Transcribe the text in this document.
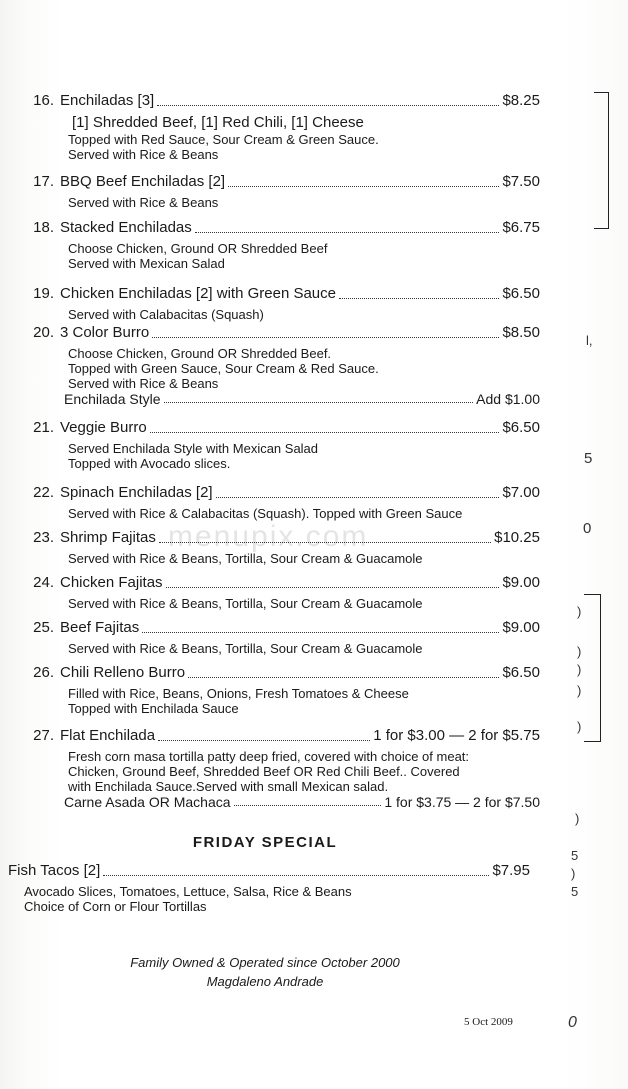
menupix.com
16. Enchiladas [3]	$8.25
[1] Shredded Beef, [1] Red Chili, [1] Cheese
Topped with Red Sauce, Sour Cream & Green Sauce.
Served with Rice & Beans
17. BBQ Beef Enchiladas [2]	$7.50
Served with Rice & Beans
18. Stacked Enchiladas	$6.75
Choose Chicken, Ground OR Shredded Beef
Served with Mexican Salad
19. Chicken Enchiladas [2] with Green Sauce	$6.50
Served with Calabacitas (Squash)
20. 3 Color Burro	$8.50
Choose Chicken, Ground OR Shredded Beef.
Topped with Green Sauce, Sour Cream & Red Sauce.
Served with Rice & Beans
Enchilada Style	Add $1.00
21. Veggie Burro	$6.50
Served Enchilada Style with Mexican Salad
Topped with Avocado slices.
22. Spinach Enchiladas [2]	$7.00
Served with Rice & Calabacitas (Squash). Topped with Green Sauce
23. Shrimp Fajitas	$10.25
Served with Rice & Beans, Tortilla, Sour Cream & Guacamole
24. Chicken Fajitas	$9.00
Served with Rice & Beans, Tortilla, Sour Cream & Guacamole
25. Beef Fajitas	$9.00
Served with Rice & Beans, Tortilla, Sour Cream & Guacamole
26. Chili Relleno Burro	$6.50
Filled with Rice, Beans, Onions, Fresh Tomatoes & Cheese
Topped with Enchilada Sauce
27. Flat Enchilada	1 for $3.00 — 2 for $5.75
Fresh corn masa tortilla patty deep fried, covered with choice of meat:
Chicken, Ground Beef, Shredded Beef OR Red Chili Beef.. Covered
with Enchilada Sauce.Served with small Mexican salad.
Carne Asada OR Machaca	1 for $3.75 — 2 for $7.50
FRIDAY SPECIAL
Fish Tacos [2]	$7.95
Avocado Slices, Tomatoes, Lettuce, Salsa, Rice & Beans
Choice of Corn or Flour Tortillas
Family Owned & Operated since October 2000
Magdaleno Andrade
5 Oct 2009	0
l,
5
0
)
)
)
)
)
)
5
)
5
